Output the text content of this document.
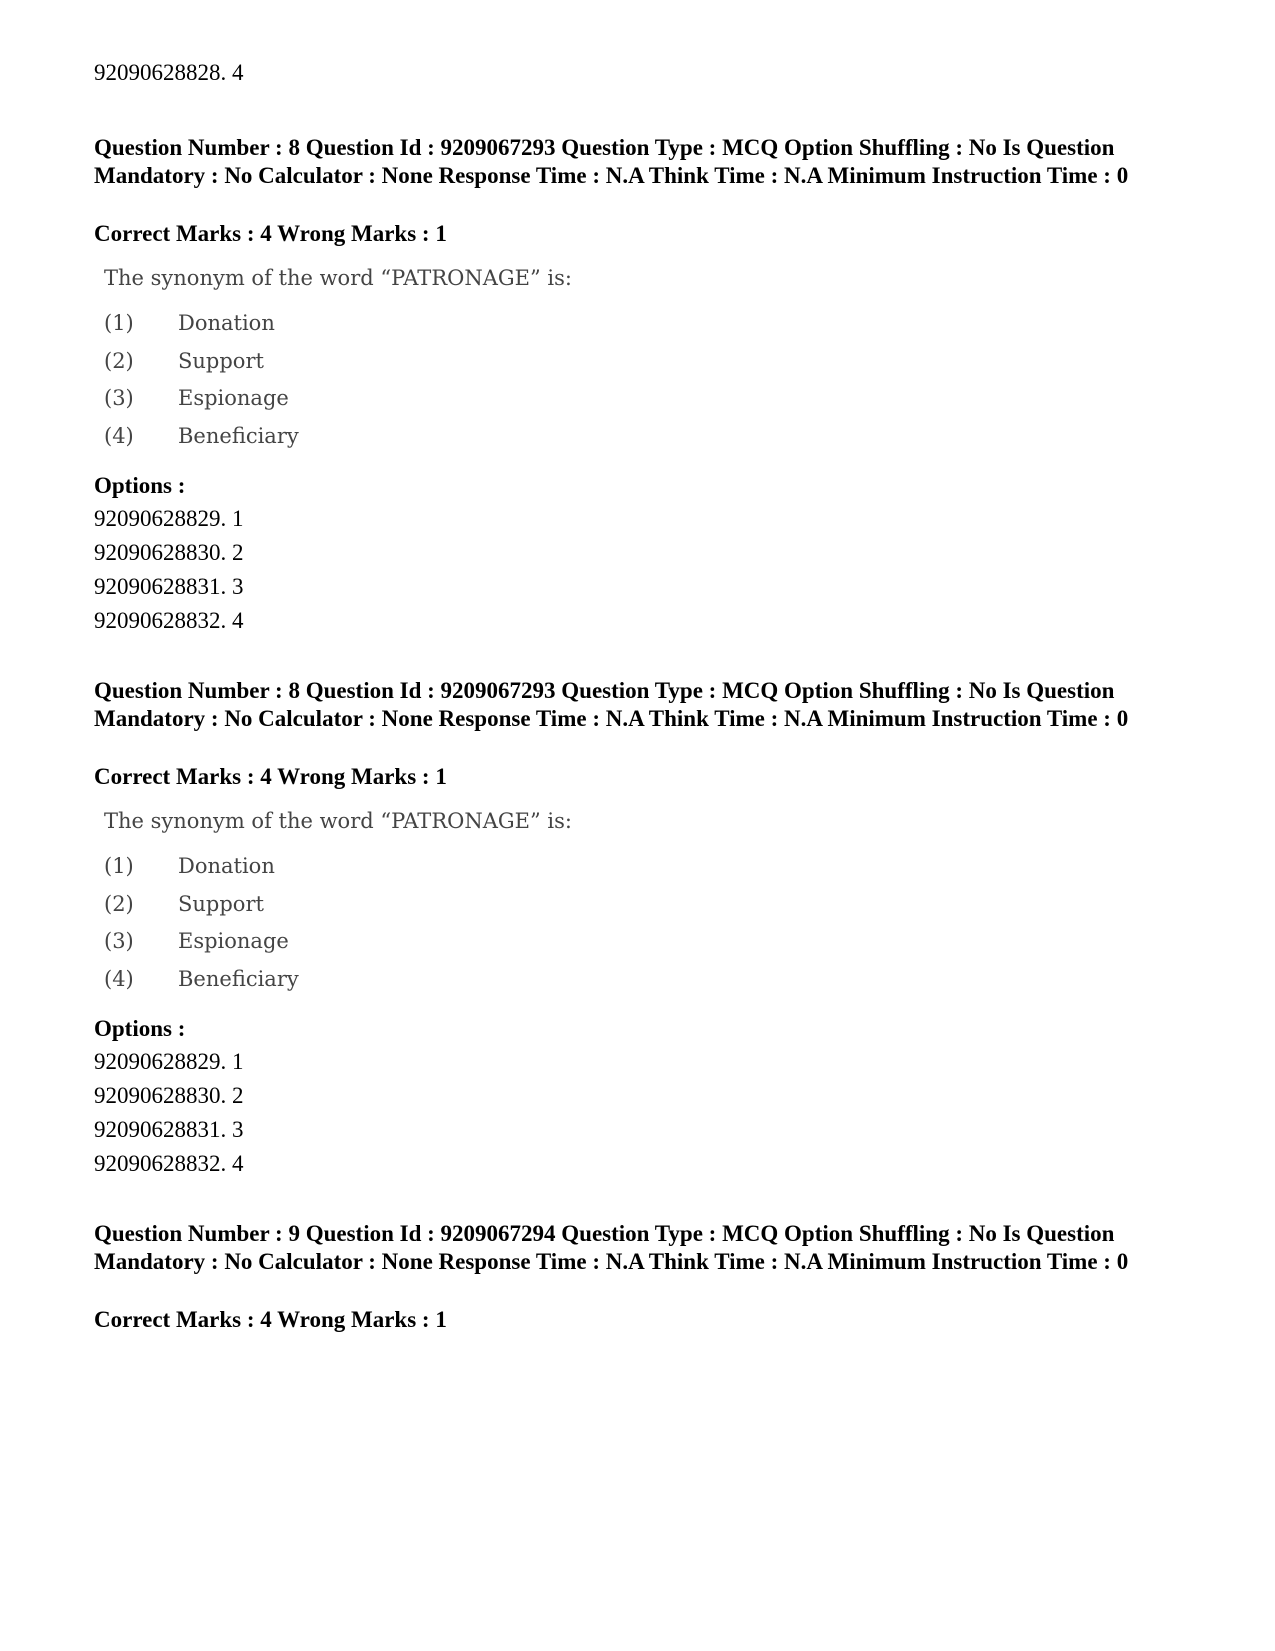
92090628828. 4
Question Number : 8 Question Id : 9209067293 Question Type : MCQ Option Shuffling : No Is Question Mandatory : No Calculator : None Response Time : N.A Think Time : N.A Minimum Instruction Time : 0
Correct Marks : 4 Wrong Marks : 1
The synonym of the word “PATRONAGE” is:
(1)	Donation
(2)	Support
(3)	Espionage
(4)	Beneficiary
Options :
92090628829. 1
92090628830. 2
92090628831. 3
92090628832. 4
Question Number : 8 Question Id : 9209067293 Question Type : MCQ Option Shuffling : No Is Question Mandatory : No Calculator : None Response Time : N.A Think Time : N.A Minimum Instruction Time : 0
Correct Marks : 4 Wrong Marks : 1
The synonym of the word “PATRONAGE” is:
(1)	Donation
(2)	Support
(3)	Espionage
(4)	Beneficiary
Options :
92090628829. 1
92090628830. 2
92090628831. 3
92090628832. 4
Question Number : 9 Question Id : 9209067294 Question Type : MCQ Option Shuffling : No Is Question Mandatory : No Calculator : None Response Time : N.A Think Time : N.A Minimum Instruction Time : 0
Correct Marks : 4 Wrong Marks : 1
